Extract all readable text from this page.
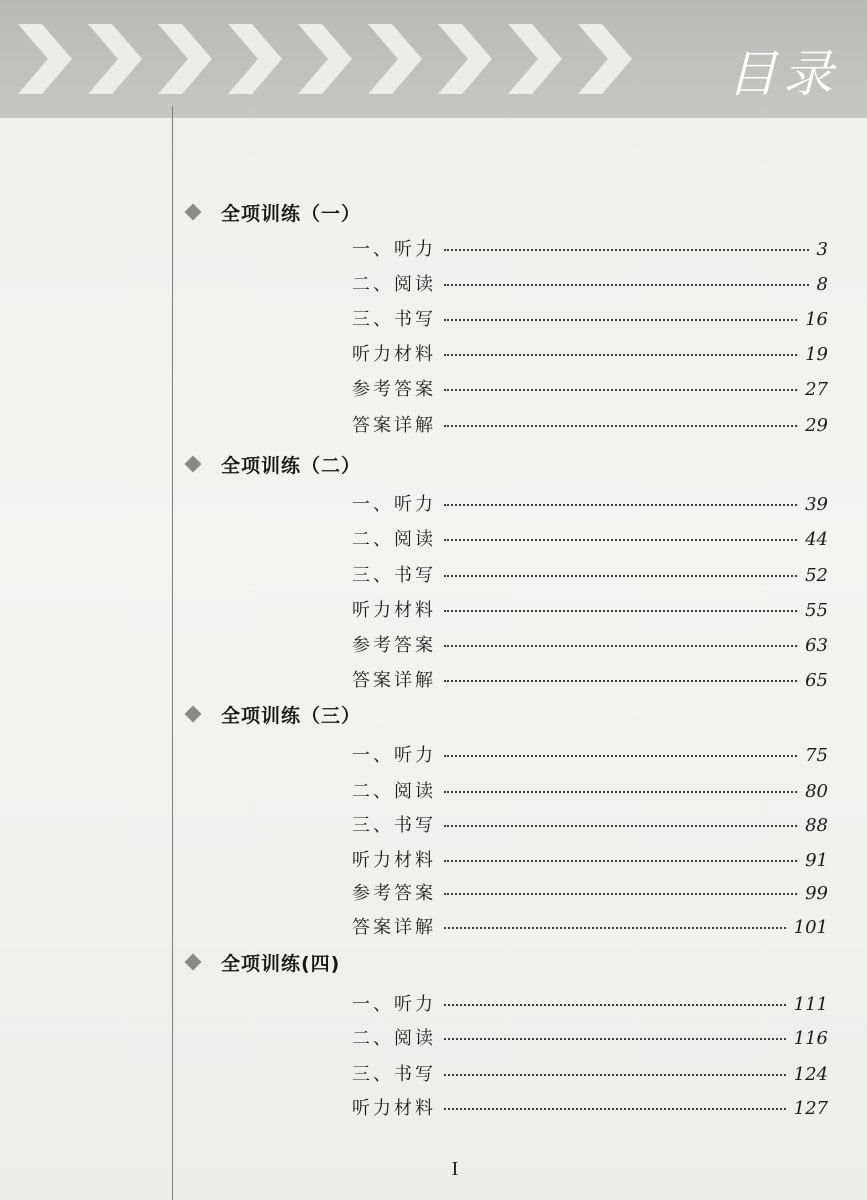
目录
全项训练（一）
一、听力	3
二、阅读	8
三、书写	16
听力材料	19
参考答案	27
答案详解	29
全项训练（二）
一、听力	39
二、阅读	44
三、书写	52
听力材料	55
参考答案	63
答案详解	65
全项训练（三）
一、听力	75
二、阅读	80
三、书写	88
听力材料	91
参考答案	99
答案详解	101
全项训练(四)
一、听力	111
二、阅读	116
三、书写	124
听力材料	127
I
